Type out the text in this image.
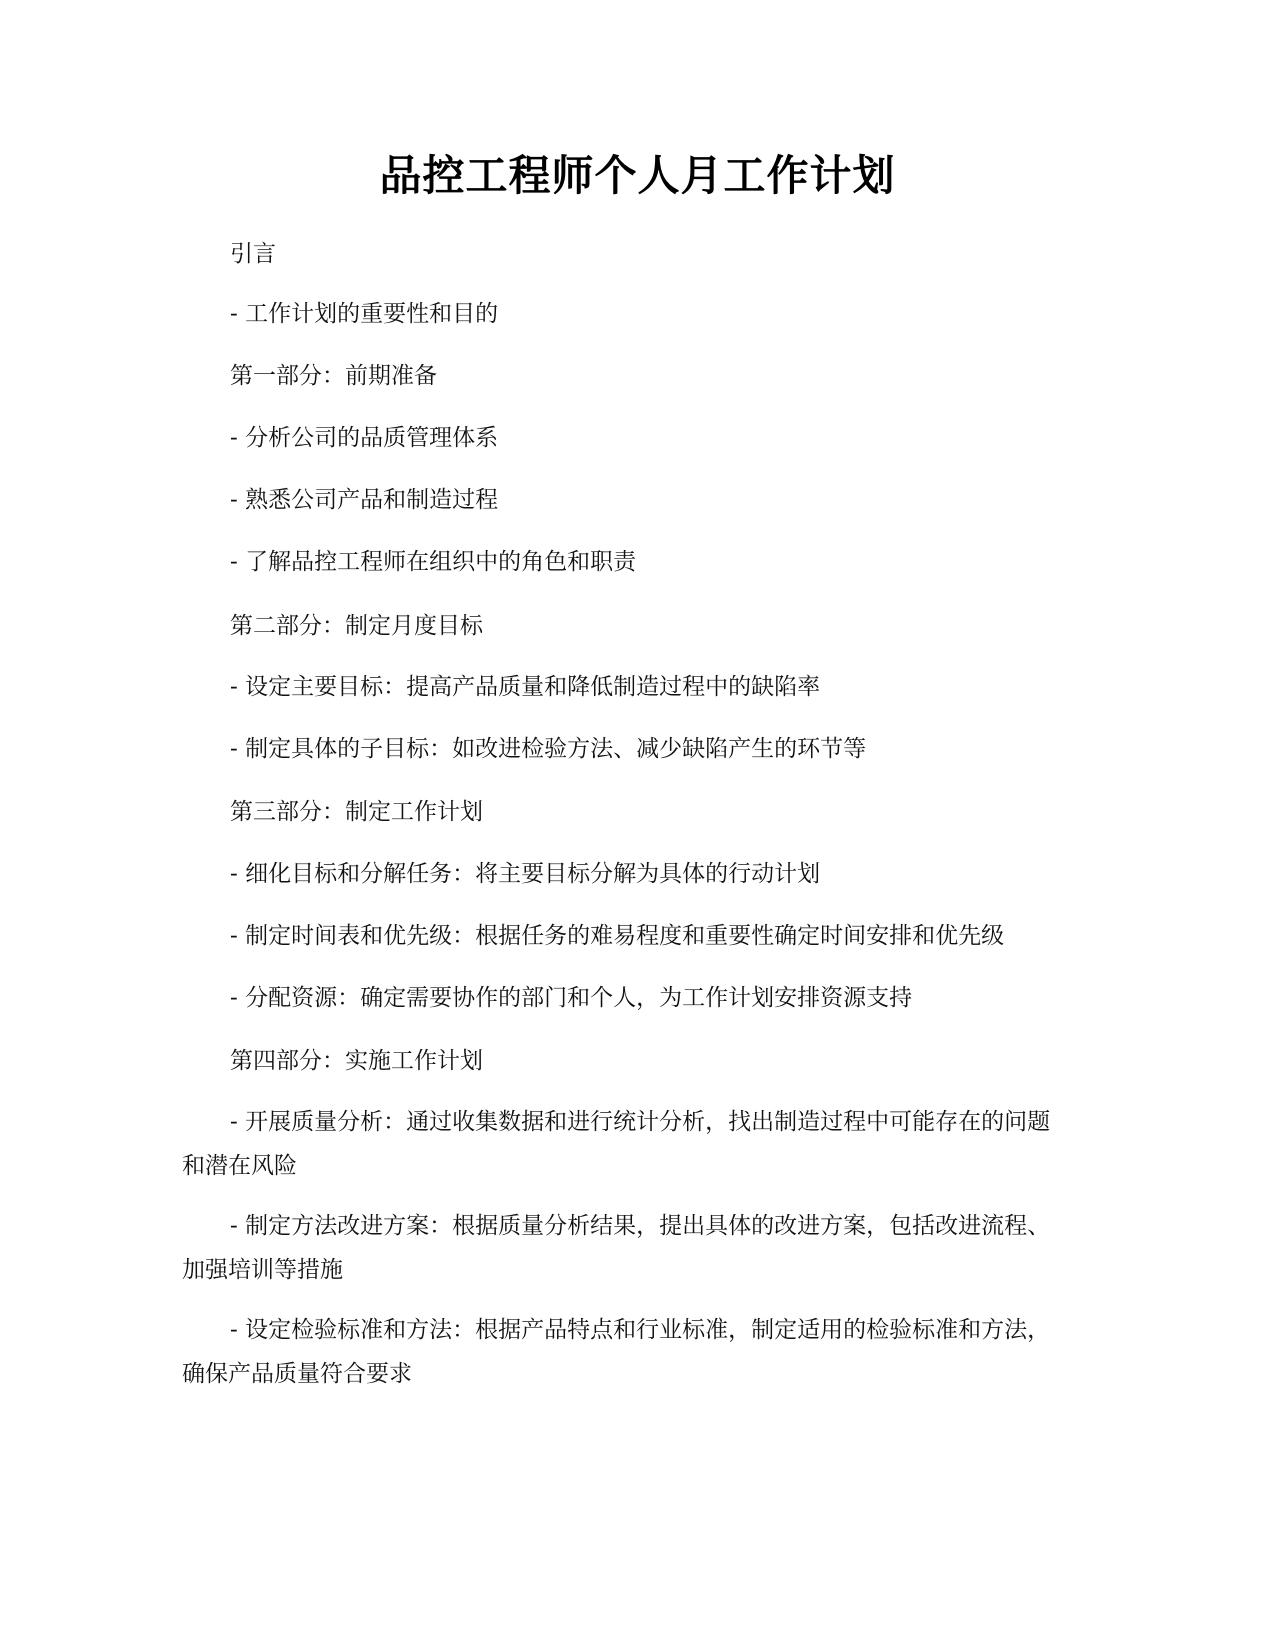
品控工程师个人月工作计划
引言
- 工作计划的重要性和目的
第一部分：前期准备
- 分析公司的品质管理体系
- 熟悉公司产品和制造过程
- 了解品控工程师在组织中的角色和职责
第二部分：制定月度目标
- 设定主要目标：提高产品质量和降低制造过程中的缺陷率
- 制定具体的子目标：如改进检验方法、减少缺陷产生的环节等
第三部分：制定工作计划
- 细化目标和分解任务：将主要目标分解为具体的行动计划
- 制定时间表和优先级：根据任务的难易程度和重要性确定时间安排和优先级
- 分配资源：确定需要协作的部门和个人，为工作计划安排资源支持
第四部分：实施工作计划
- 开展质量分析：通过收集数据和进行统计分析，找出制造过程中可能存在的问题和潜在风险
- 制定方法改进方案：根据质量分析结果，提出具体的改进方案，包括改进流程、加强培训等措施
- 设定检验标准和方法：根据产品特点和行业标准，制定适用的检验标准和方法，确保产品质量符合要求
